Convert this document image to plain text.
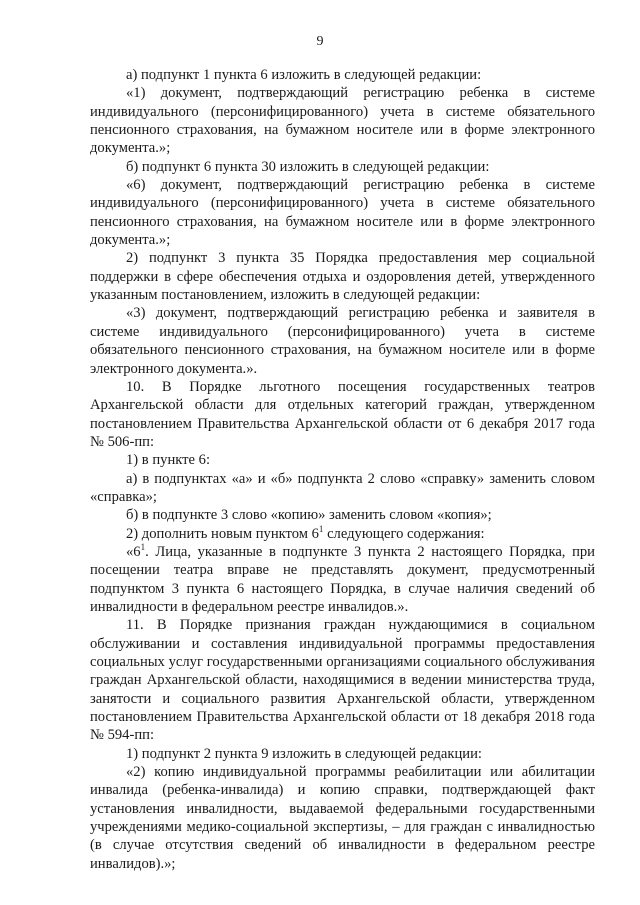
9

а) подпункт 1 пункта 6 изложить в следующей редакции:

«1) документ, подтверждающий регистрацию ребенка в системе индивидуального (персонифицированного) учета в системе обязательного пенсионного страхования, на бумажном носителе или в форме электронного документа.»;

б) подпункт 6 пункта 30 изложить в следующей редакции:

«6) документ, подтверждающий регистрацию ребенка в системе индивидуального (персонифицированного) учета в системе обязательного пенсионного страхования, на бумажном носителе или в форме электронного документа.»;

2) подпункт 3 пункта 35 Порядка предоставления мер социальной поддержки в сфере обеспечения отдыха и оздоровления детей, утвержденного указанным постановлением, изложить в следующей редакции:

«3) документ, подтверждающий регистрацию ребенка и заявителя в системе индивидуального (персонифицированного) учета в системе обязательного пенсионного страхования, на бумажном носителе или в форме электронного документа.».

10. В Порядке льготного посещения государственных театров Архангельской области для отдельных категорий граждан, утвержденном постановлением Правительства Архангельской области от 6 декабря 2017 года № 506-пп:

1) в пункте 6:

а) в подпунктах «а» и «б» подпункта 2 слово «справку» заменить словом «справка»;

б) в подпункте 3 слово «копию» заменить словом «копия»;

2) дополнить новым пунктом $6^1$ следующего содержания:

«$6^1$. Лица, указанные в подпункте 3 пункта 2 настоящего Порядка, при посещении театра вправе не представлять документ, предусмотренный подпунктом 3 пункта 6 настоящего Порядка, в случае наличия сведений об инвалидности в федеральном реестре инвалидов.».

11. В Порядке признания граждан нуждающимися в социальном обслуживании и составления индивидуальной программы предоставления социальных услуг государственными организациями социального обслуживания граждан Архангельской области, находящимися в ведении министерства труда, занятости и социального развития Архангельской области, утвержденном постановлением Правительства Архангельской области от 18 декабря 2018 года № 594-пп:

1) подпункт 2 пункта 9 изложить в следующей редакции:

«2) копию индивидуальной программы реабилитации или абилитации инвалида (ребенка-инвалида) и копию справки, подтверждающей факт установления инвалидности, выдаваемой федеральными государственными учреждениями медико-социальной экспертизы, – для граждан с инвалидностью (в случае отсутствия сведений об инвалидности в федеральном реестре инвалидов).»;
